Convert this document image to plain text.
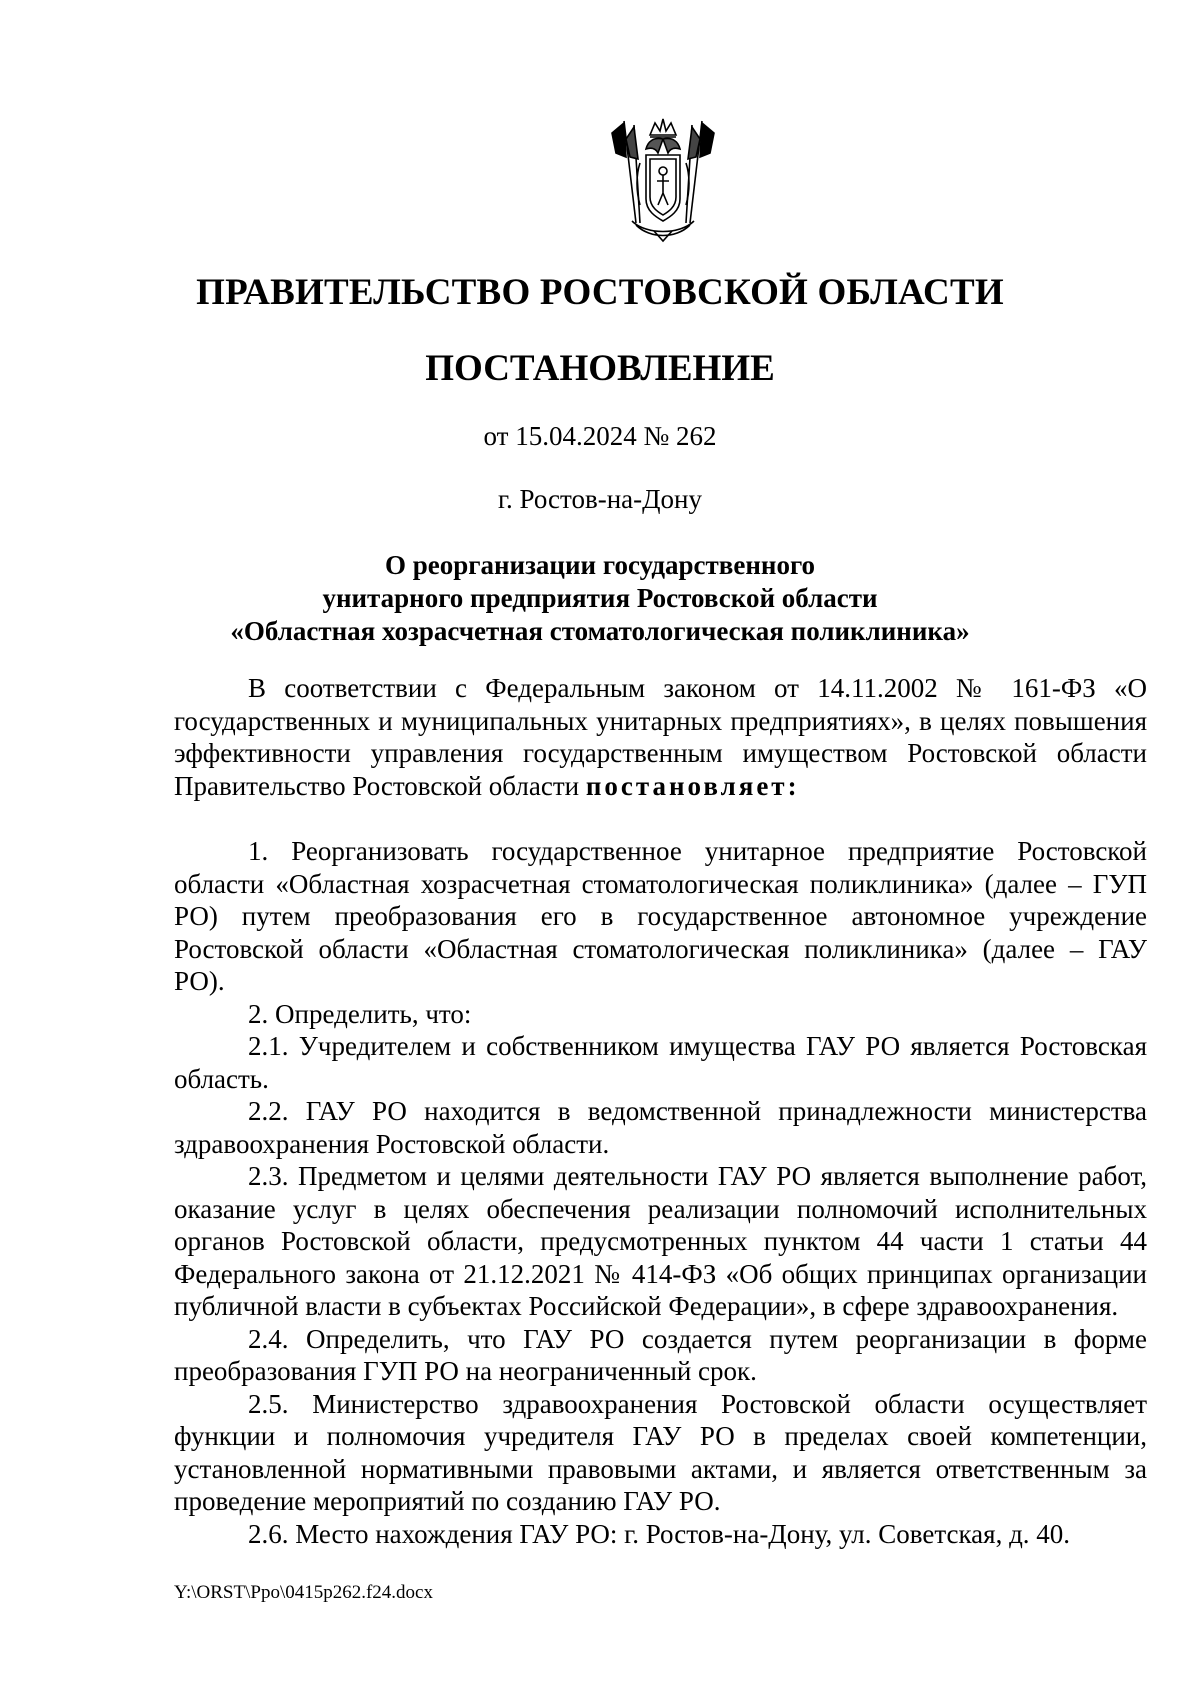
ПРАВИТЕЛЬСТВО РОСТОВСКОЙ ОБЛАСТИ
ПОСТАНОВЛЕНИЕ
от 15.04.2024 № 262
г. Ростов-на-Дону
О реорганизации государственного
унитарного предприятия Ростовской области
«Областная хозрасчетная стоматологическая поликлиника»

В соответствии с Федеральным законом от 14.11.2002 № 161-ФЗ «О государственных и муниципальных унитарных предприятиях», в целях повышения эффективности управления государственным имуществом Ростовской области Правительство Ростовской области постановляет:

1. Реорганизовать государственное унитарное предприятие Ростовской области «Областная хозрасчетная стоматологическая поликлиника» (далее – ГУП РО) путем преобразования его в государственное автономное учреждение Ростовской области «Областная стоматологическая поликлиника» (далее – ГАУ РО).

2. Определить, что:

2.1. Учредителем и собственником имущества ГАУ РО является Ростовская область.

2.2. ГАУ РО находится в ведомственной принадлежности министерства здравоохранения Ростовской области.

2.3. Предметом и целями деятельности ГАУ РО является выполнение работ, оказание услуг в целях обеспечения реализации полномочий исполнительных органов Ростовской области, предусмотренных пунктом 44 части 1 статьи 44 Федерального закона от 21.12.2021 № 414-ФЗ «Об общих принципах организации публичной власти в субъектах Российской Федерации», в сфере здравоохранения.

2.4. Определить, что ГАУ РО создается путем реорганизации в форме преобразования ГУП РО на неограниченный срок.

2.5. Министерство здравоохранения Ростовской области осуществляет функции и полномочия учредителя ГАУ РО в пределах своей компетенции, установленной нормативными правовыми актами, и является ответственным за проведение мероприятий по созданию ГАУ РО.

2.6. Место нахождения ГАУ РО: г. Ростов-на-Дону, ул. Советская, д. 40.

Y:\ORST\Ppo\0415p262.f24.docx
